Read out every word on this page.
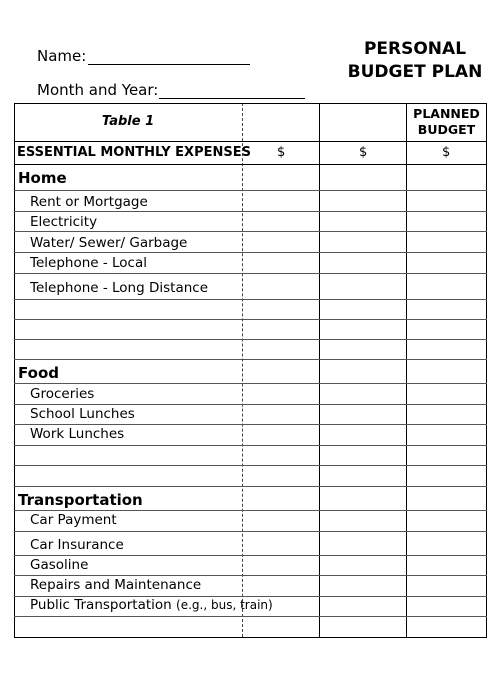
Name:
Month and Year:
PERSONAL
BUDGET PLAN
Table 1
PLANNED
BUDGET
ESSENTIAL MONTHLY EXPENSES $	$	$
Home
Rent or Mortgage
Electricity
Water/ Sewer/ Garbage
Telephone - Local
Telephone - Long Distance
Food
Groceries
School Lunches
Work Lunches
Transportation
Car Payment
Car Insurance
Gasoline
Repairs and Maintenance
Public Transportation (e.g., bus, train)
